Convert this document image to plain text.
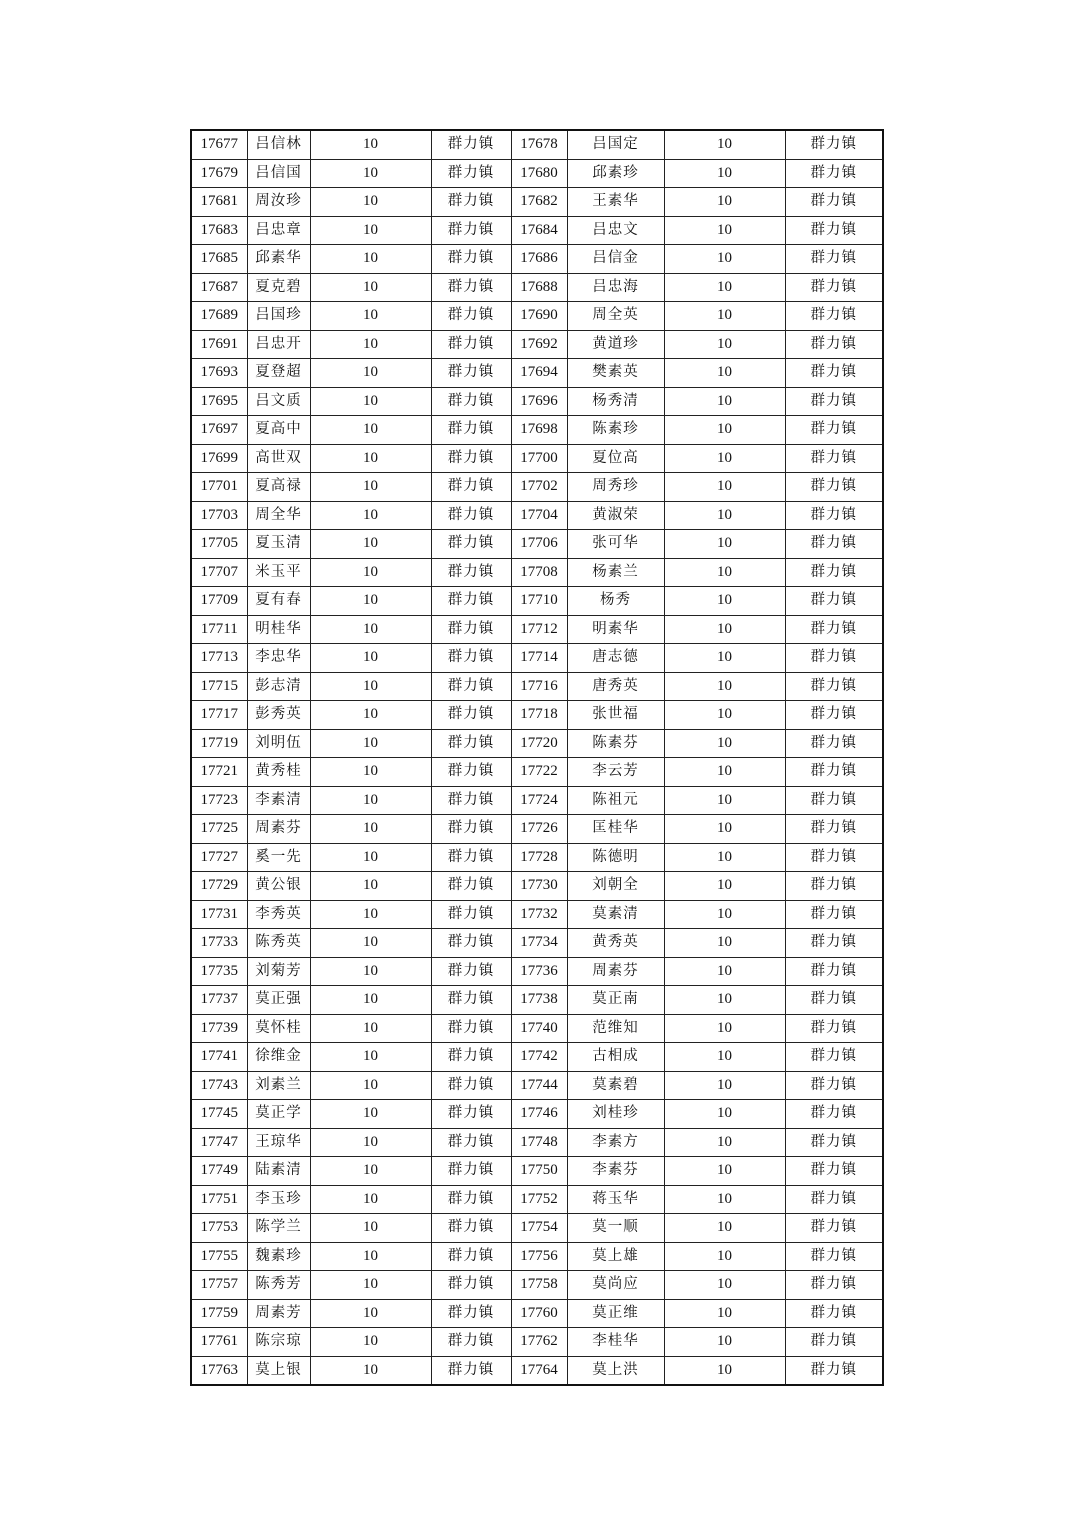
17677	吕信林	10	群力镇	17678	吕国定	10	群力镇
17679	吕信国	10	群力镇	17680	邱素珍	10	群力镇
17681	周汝珍	10	群力镇	17682	王素华	10	群力镇
17683	吕忠章	10	群力镇	17684	吕忠文	10	群力镇
17685	邱素华	10	群力镇	17686	吕信金	10	群力镇
17687	夏克碧	10	群力镇	17688	吕忠海	10	群力镇
17689	吕国珍	10	群力镇	17690	周全英	10	群力镇
17691	吕忠开	10	群力镇	17692	黄道珍	10	群力镇
17693	夏登超	10	群力镇	17694	樊素英	10	群力镇
17695	吕文质	10	群力镇	17696	杨秀清	10	群力镇
17697	夏高中	10	群力镇	17698	陈素珍	10	群力镇
17699	高世双	10	群力镇	17700	夏位高	10	群力镇
17701	夏高禄	10	群力镇	17702	周秀珍	10	群力镇
17703	周全华	10	群力镇	17704	黄淑荣	10	群力镇
17705	夏玉清	10	群力镇	17706	张可华	10	群力镇
17707	米玉平	10	群力镇	17708	杨素兰	10	群力镇
17709	夏有春	10	群力镇	17710	杨秀	10	群力镇
17711	明桂华	10	群力镇	17712	明素华	10	群力镇
17713	李忠华	10	群力镇	17714	唐志德	10	群力镇
17715	彭志清	10	群力镇	17716	唐秀英	10	群力镇
17717	彭秀英	10	群力镇	17718	张世福	10	群力镇
17719	刘明伍	10	群力镇	17720	陈素芬	10	群力镇
17721	黄秀桂	10	群力镇	17722	李云芳	10	群力镇
17723	李素清	10	群力镇	17724	陈祖元	10	群力镇
17725	周素芬	10	群力镇	17726	匡桂华	10	群力镇
17727	奚一先	10	群力镇	17728	陈德明	10	群力镇
17729	黄公银	10	群力镇	17730	刘朝全	10	群力镇
17731	李秀英	10	群力镇	17732	莫素清	10	群力镇
17733	陈秀英	10	群力镇	17734	黄秀英	10	群力镇
17735	刘菊芳	10	群力镇	17736	周素芬	10	群力镇
17737	莫正强	10	群力镇	17738	莫正南	10	群力镇
17739	莫怀桂	10	群力镇	17740	范维知	10	群力镇
17741	徐维金	10	群力镇	17742	古相成	10	群力镇
17743	刘素兰	10	群力镇	17744	莫素碧	10	群力镇
17745	莫正学	10	群力镇	17746	刘桂珍	10	群力镇
17747	王琼华	10	群力镇	17748	李素方	10	群力镇
17749	陆素清	10	群力镇	17750	李素芬	10	群力镇
17751	李玉珍	10	群力镇	17752	蒋玉华	10	群力镇
17753	陈学兰	10	群力镇	17754	莫一顺	10	群力镇
17755	魏素珍	10	群力镇	17756	莫上雄	10	群力镇
17757	陈秀芳	10	群力镇	17758	莫尚应	10	群力镇
17759	周素芳	10	群力镇	17760	莫正维	10	群力镇
17761	陈宗琼	10	群力镇	17762	李桂华	10	群力镇
17763	莫上银	10	群力镇	17764	莫上洪	10	群力镇
